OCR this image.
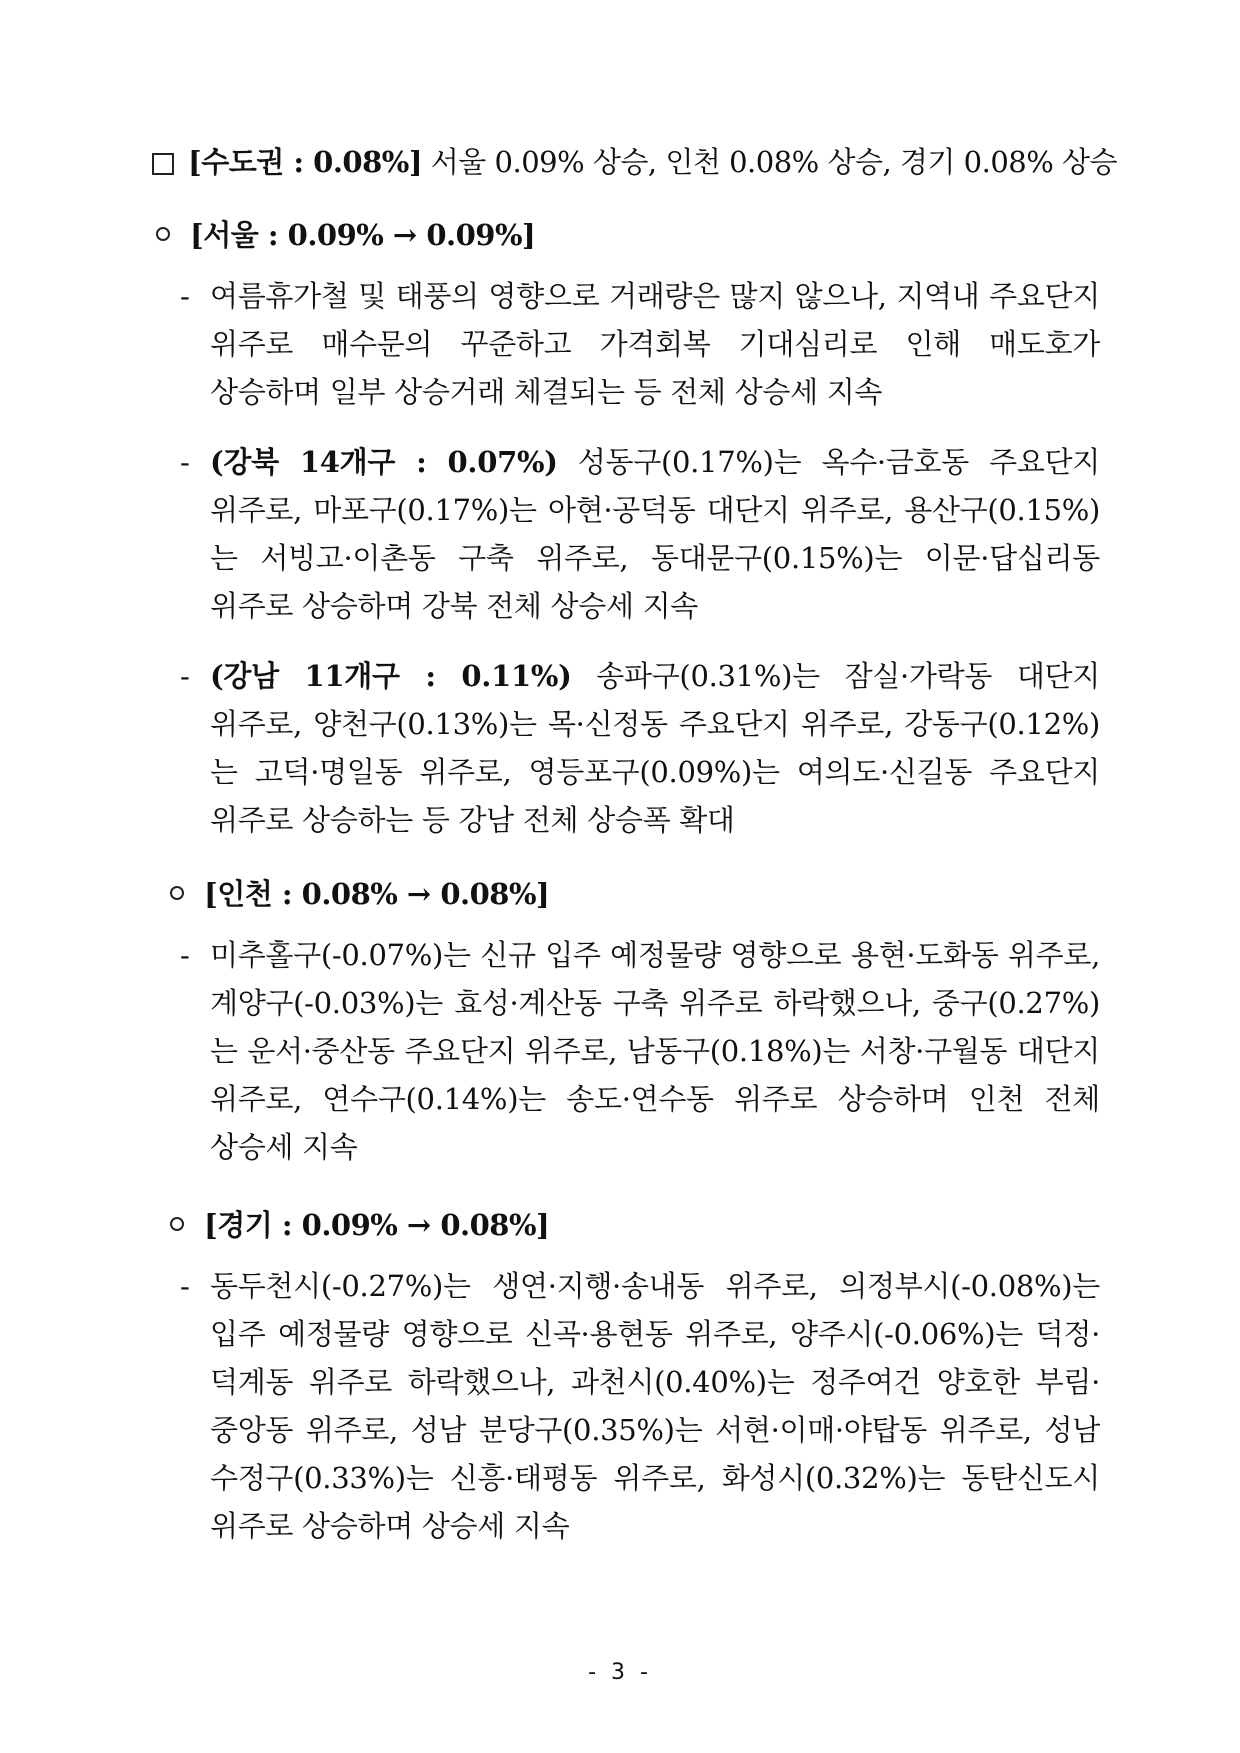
[수도권 : 0.08%] 서울 0.09% 상승, 인천 0.08% 상승, 경기 0.08% 상승
[서울 : 0.09% → 0.09%]
- 여름휴가철 및 태풍의 영향으로 거래량은 많지 않으나, 지역내 주요단지 위주로 매수문의 꾸준하고 가격회복 기대심리로 인해 매도호가 상승하며 일부 상승거래 체결되는 등 전체 상승세 지속
- (강북 14개구 : 0.07%) 성동구(0.17%)는 옥수·금호동 주요단지 위주로, 마포구(0.17%)는 아현·공덕동 대단지 위주로, 용산구(0.15%)는 서빙고·이촌동 구축 위주로, 동대문구(0.15%)는 이문·답십리동 위주로 상승하며 강북 전체 상승세 지속
- (강남 11개구 : 0.11%) 송파구(0.31%)는 잠실·가락동 대단지 위주로, 양천구(0.13%)는 목·신정동 주요단지 위주로, 강동구(0.12%)는 고덕·명일동 위주로, 영등포구(0.09%)는 여의도·신길동 주요단지 위주로 상승하는 등 강남 전체 상승폭 확대
[인천 : 0.08% → 0.08%]
- 미추홀구(-0.07%)는 신규 입주 예정물량 영향으로 용현·도화동 위주로, 계양구(-0.03%)는 효성·계산동 구축 위주로 하락했으나, 중구(0.27%)는 운서·중산동 주요단지 위주로, 남동구(0.18%)는 서창·구월동 대단지 위주로, 연수구(0.14%)는 송도·연수동 위주로 상승하며 인천 전체 상승세 지속
[경기 : 0.09% → 0.08%]
- 동두천시(-0.27%)는 생연·지행·송내동 위주로, 의정부시(-0.08%)는 입주 예정물량 영향으로 신곡·용현동 위주로, 양주시(-0.06%)는 덕정·덕계동 위주로 하락했으나, 과천시(0.40%)는 정주여건 양호한 부림·중앙동 위주로, 성남 분당구(0.35%)는 서현·이매·야탑동 위주로, 성남 수정구(0.33%)는 신흥·태평동 위주로, 화성시(0.32%)는 동탄신도시 위주로 상승하며 상승세 지속
- 3 -
